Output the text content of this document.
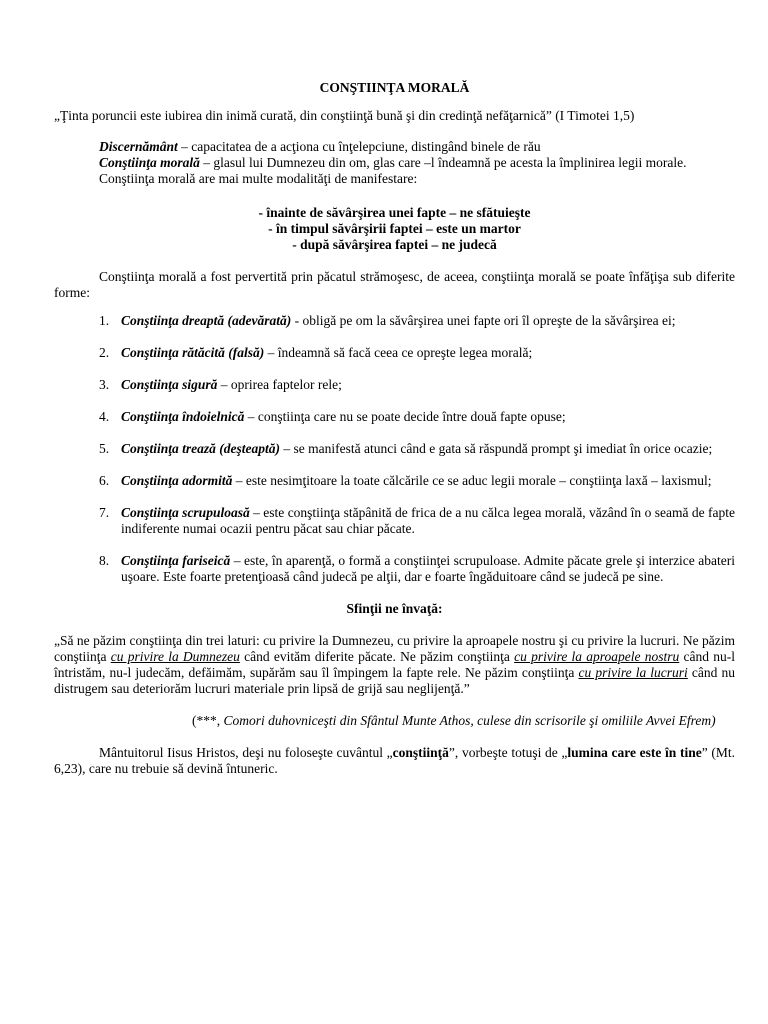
CONŞTIINŢA MORALĂ

„Ţinta poruncii este iubirea din inimă curată, din conştiinţă bună şi din credinţă nefăţarnică” (I Timotei 1,5)

Discernământ – capacitatea de a acţiona cu înţelepciune, distingând binele de rău

Conştiinţa morală – glasul lui Dumnezeu din om, glas care –l îndeamnă pe acesta la împlinirea legii morale.

Conştiinţa morală are mai multe modalităţi de manifestare:

- înainte de săvârşirea unei fapte – ne sfătuieşte
- în timpul săvârşirii faptei – este un martor
- după săvârşirea faptei – ne judecă

Conştiinţa morală a fost pervertită prin păcatul strămoşesc, de aceea, conştiinţa morală se poate înfăţişa sub diferite forme:

1. Conştiinţa dreaptă (adevărată) - obligă pe om la săvârşirea unei fapte ori îl opreşte de la săvârşirea ei;
2. Conştiinţa rătăcită (falsă) – îndeamnă să facă ceea ce opreşte legea morală;
3. Conştiinţa sigură – oprirea faptelor rele;
4. Conştiinţa îndoielnică – conştiinţa care nu se poate decide între două fapte opuse;
5. Conştiinţa trează (deşteaptă) – se manifestă atunci când e gata să răspundă prompt şi imediat în orice ocazie;
6. Conştiinţa adormită – este nesimţitoare la toate călcările ce se aduc legii morale – conştiinţa laxă – laxismul;
7. Conştiinţa scrupuloasă – este conştiinţa stăpânită de frica de a nu călca legea morală, văzând în o seamă de fapte indiferente numai ocazii pentru păcat sau chiar păcate.
8. Conştiinţa fariseică – este, în aparenţă, o formă a conştiinţei scrupuloase. Admite păcate grele şi interzice abateri uşoare. Este foarte pretenţioasă când judecă pe alţii, dar e foarte îngăduitoare când se judecă pe sine.

Sfinţii ne învaţă:

„Să ne păzim conştiinţa din trei laturi: cu privire la Dumnezeu, cu privire la aproapele nostru şi cu privire la lucruri. Ne păzim conştiinţa cu privire la Dumnezeu când evităm diferite păcate. Ne păzim conştiinţa cu privire la aproapele nostru când nu-l întristăm, nu-l judecăm, defăimăm, supărăm sau îl împingem la fapte rele. Ne păzim conştiinţa cu privire la lucruri când nu distrugem sau deteriorăm lucruri materiale prin lipsă de grijă sau neglijenţă.”

(***, Comori duhovniceşti din Sfântul Munte Athos, culese din scrisorile şi omiliile Avvei Efrem)

Mântuitorul Iisus Hristos, deşi nu foloseşte cuvântul „conştiinţă”, vorbeşte totuşi de „lumina care este în tine” (Mt. 6,23), care nu trebuie să devină întuneric.
